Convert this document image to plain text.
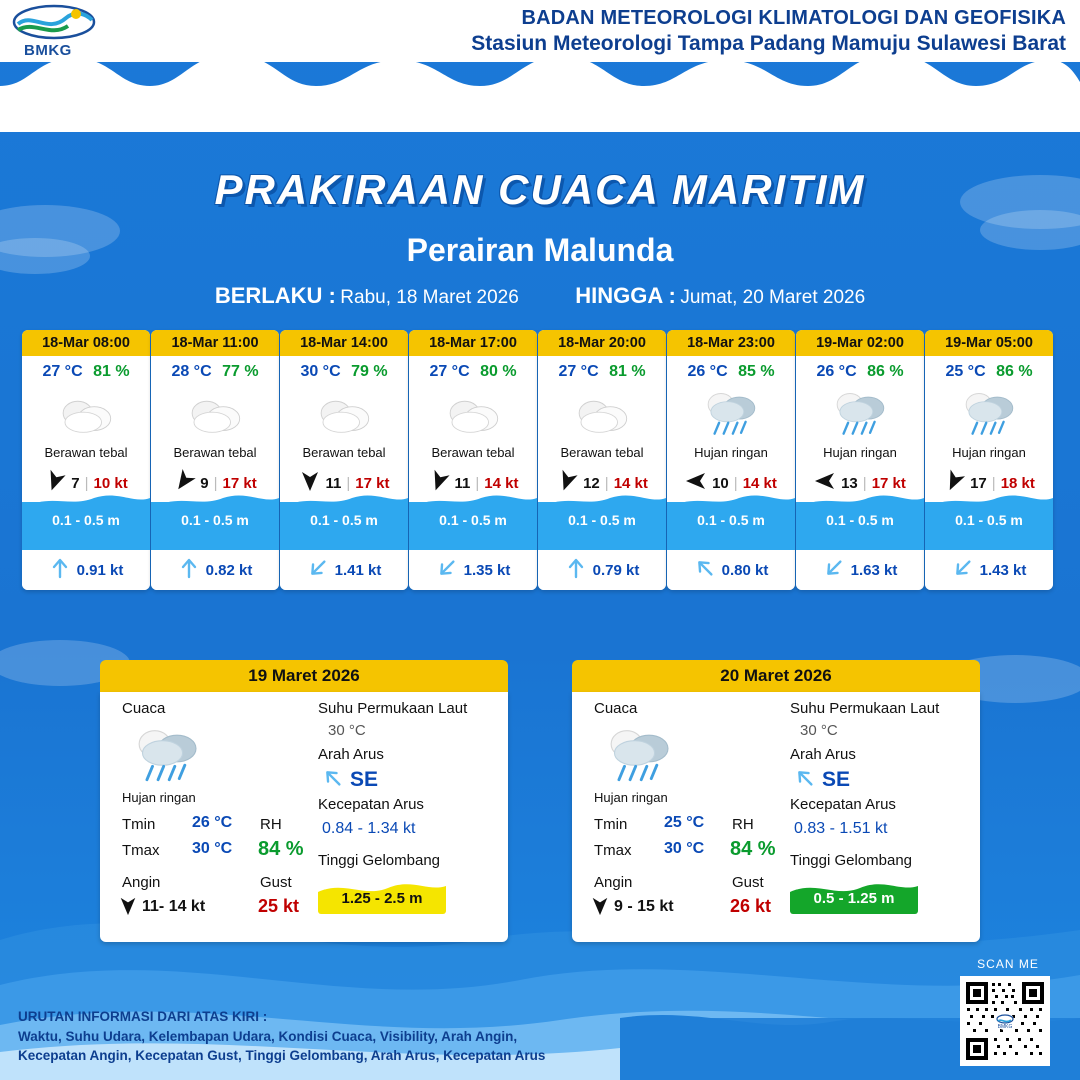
BMKG
BADAN METEOROLOGI KLIMATOLOGI DAN GEOFISIKA
Stasiun Meteorologi Tampa Padang Mamuju Sulawesi Barat
PRAKIRAAN CUACA MARITIM
Perairan Malunda
BERLAKU : Rabu, 18 Maret 2026	HINGGA : Jumat, 20 Maret 2026
18-Mar 08:00
27 °C 81 %
Berawan tebal
7 | 10 kt
0.1 - 0.5 m
0.91 kt
18-Mar 11:00
28 °C 77 %
Berawan tebal
9 | 17 kt
0.1 - 0.5 m
0.82 kt
18-Mar 14:00
30 °C 79 %
Berawan tebal
11 | 17 kt
0.1 - 0.5 m
1.41 kt
18-Mar 17:00
27 °C 80 %
Berawan tebal
11 | 14 kt
0.1 - 0.5 m
1.35 kt
18-Mar 20:00
27 °C 81 %
Berawan tebal
12 | 14 kt
0.1 - 0.5 m
0.79 kt
18-Mar 23:00
26 °C 85 %
Hujan ringan
10 | 14 kt
0.1 - 0.5 m
0.80 kt
19-Mar 02:00
26 °C 86 %
Hujan ringan
13 | 17 kt
0.1 - 0.5 m
1.63 kt
19-Mar 05:00
25 °C 86 %
Hujan ringan
17 | 18 kt
0.1 - 0.5 m
1.43 kt
19 Maret 2026
Cuaca
Hujan ringan
Tmin 26 °C
Tmax 30 °C
RH
84 %
Angin
11- 14 kt
Gust
25 kt
Suhu Permukaan Laut
30 °C
Arah Arus
SE
Kecepatan Arus
0.84 - 1.34 kt
Tinggi Gelombang
1.25 - 2.5 m
20 Maret 2026
Cuaca
Hujan ringan
Tmin 25 °C
Tmax 30 °C
RH
84 %
Angin
9 - 15 kt
Gust
26 kt
Suhu Permukaan Laut
30 °C
Arah Arus
SE
Kecepatan Arus
0.83 - 1.51 kt
Tinggi Gelombang
0.5 - 1.25 m
URUTAN INFORMASI DARI ATAS KIRI :
Waktu, Suhu Udara, Kelembapan Udara, Kondisi Cuaca, Visibility, Arah Angin,
Kecepatan Angin, Kecepatan Gust, Tinggi Gelombang, Arah Arus, Kecepatan Arus
SCAN ME
BMKG
